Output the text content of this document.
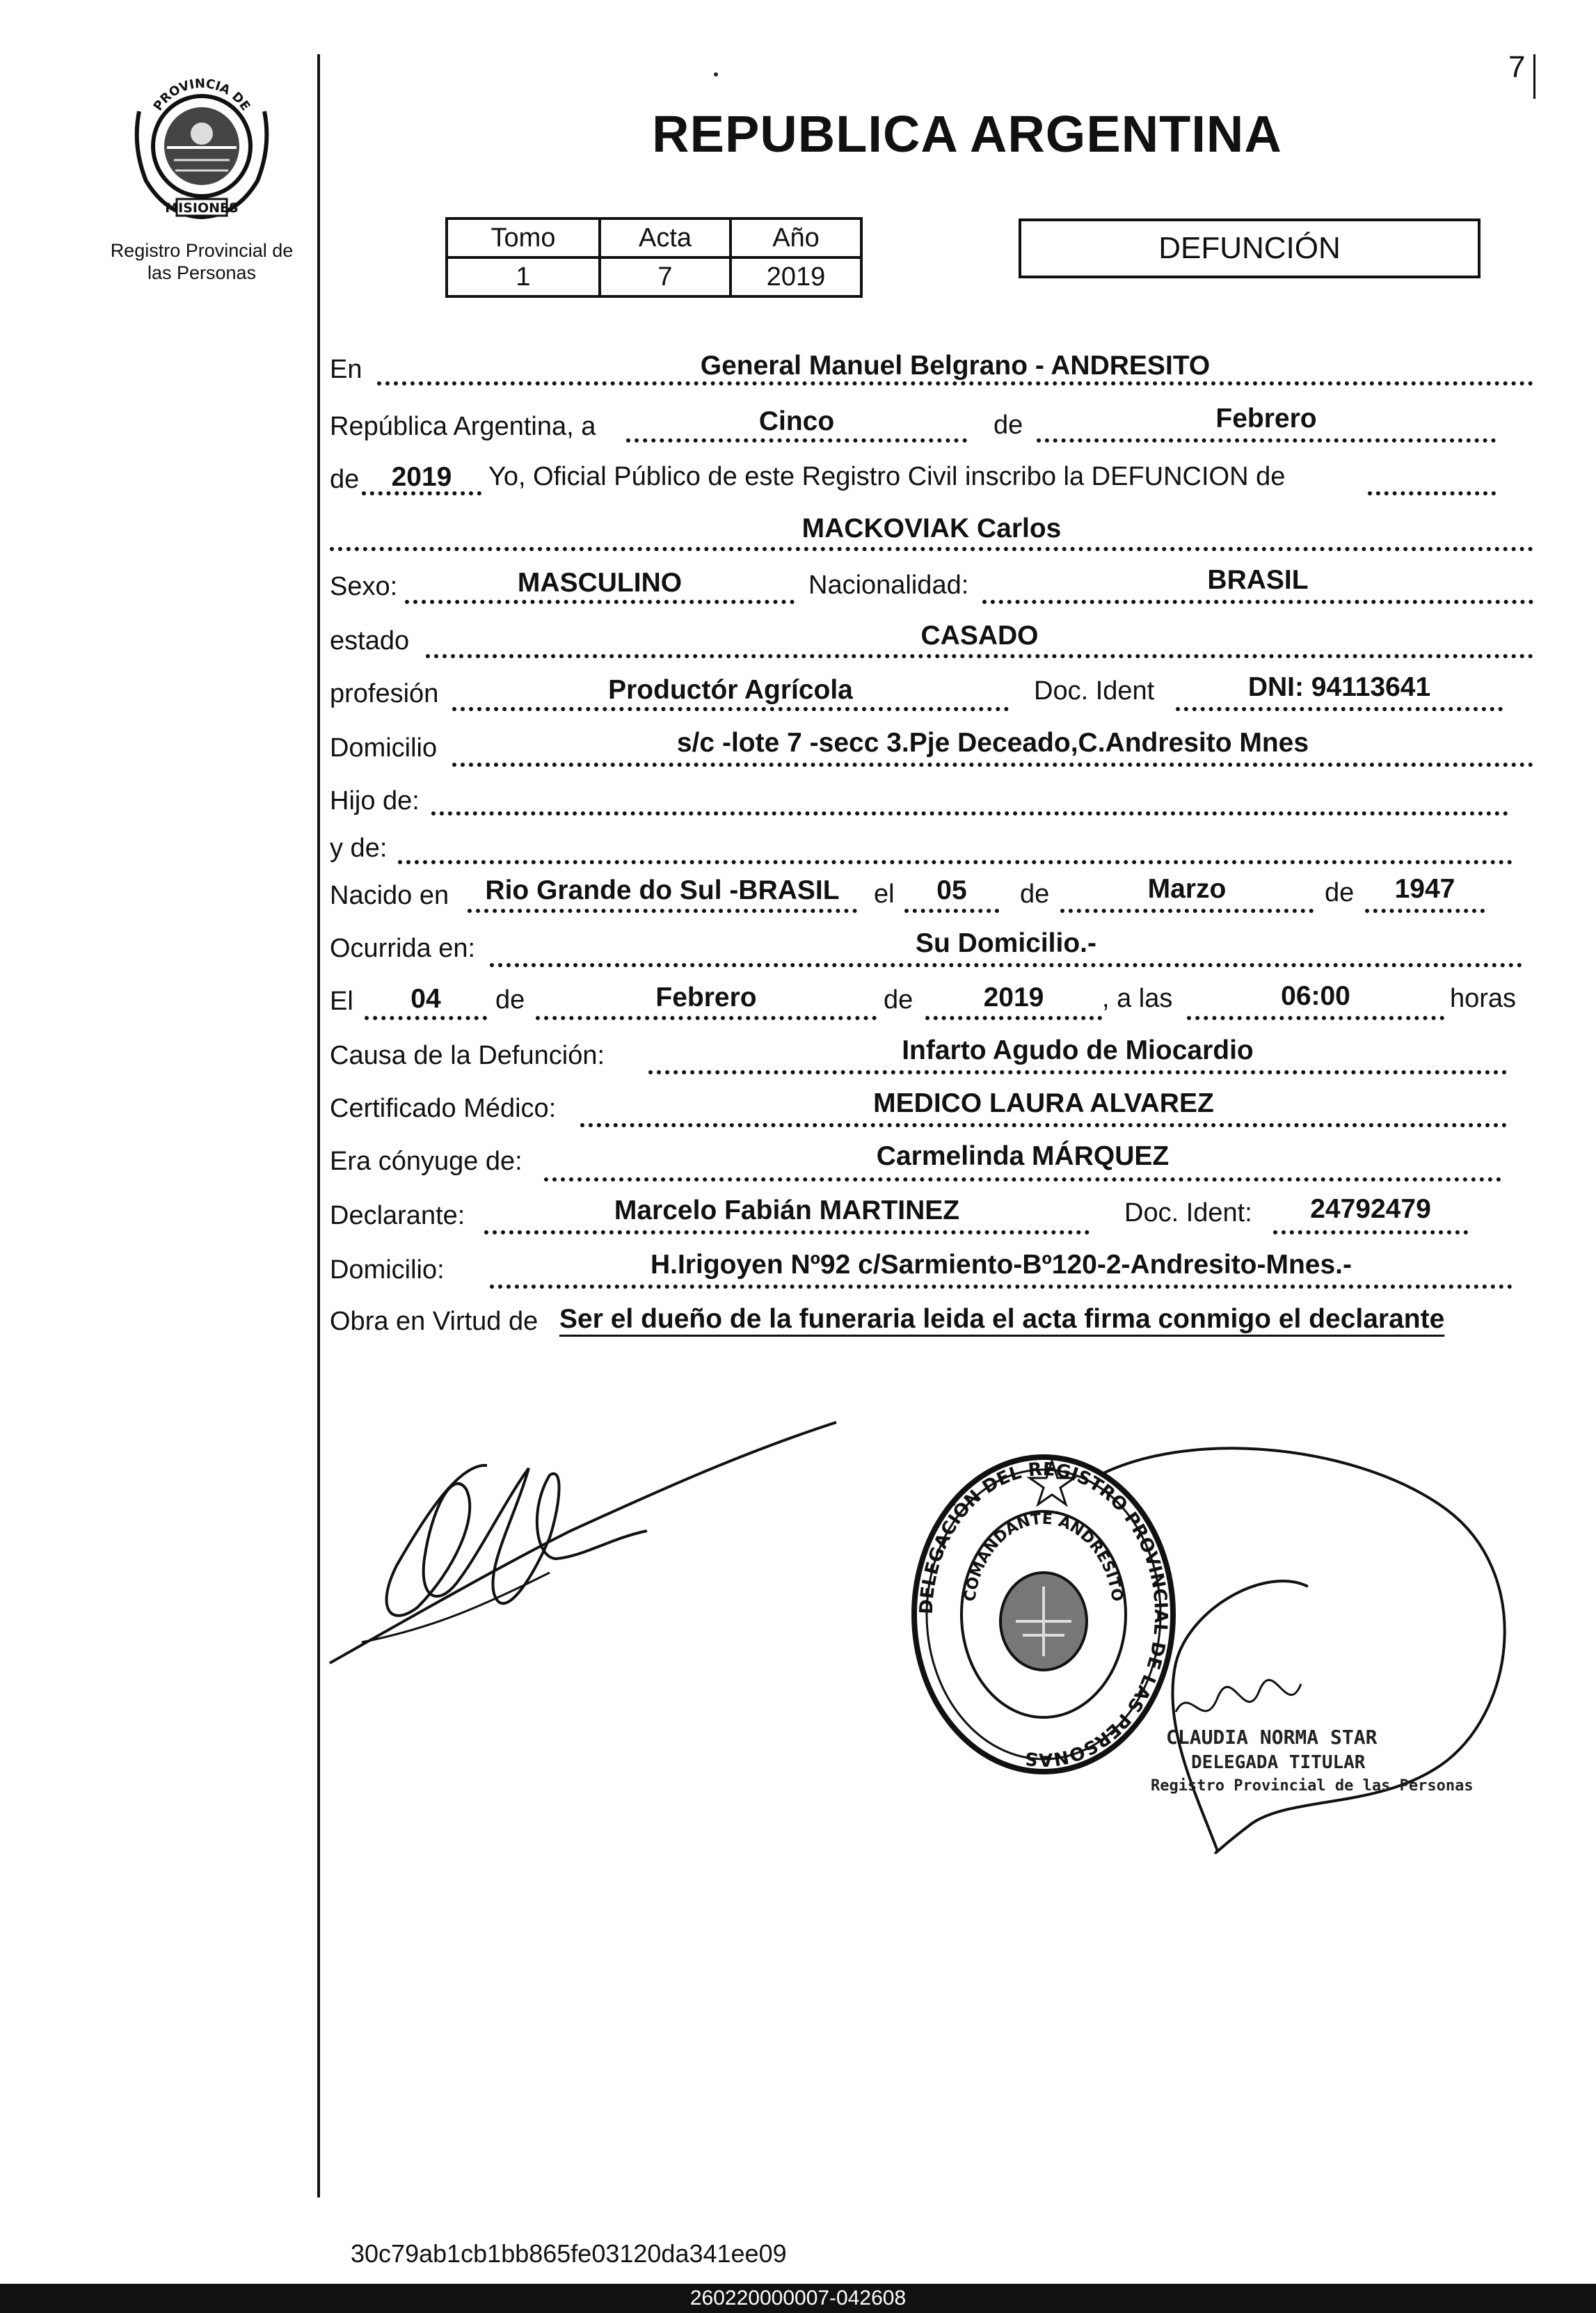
7
PROVINCIA DE
MISIONES
Registro Provincial de
las Personas
REPUBLICA ARGENTINA
Tomo	Acta	Año
1	7	2019
DEFUNCIÓN
En	General Manuel Belgrano - ANDRESITO
República Argentina, a	Cinco	de	Febrero
de	2019	Yo, Oficial Público de este Registro Civil inscribo la DEFUNCION de
MACKOVIAK Carlos
Sexo:	MASCULINO	Nacionalidad:	BRASIL
estado	CASADO
profesión	Productór Agrícola	Doc. Ident	DNI: 94113641
Domicilio	s/c -lote 7 -secc 3.Pje Deceado,C.Andresito Mnes
Hijo de:
y de:
Nacido en	Rio Grande do Sul -BRASIL	el	05	de	Marzo	de	1947
Ocurrida en:	Su Domicilio.-
El	04	de	Febrero	de	2019	, a las	06:00	horas
Causa de la Defunción:	Infarto Agudo de Miocardio
Certificado Médico:	MEDICO LAURA ALVAREZ
Era cónyuge de:	Carmelinda MÁRQUEZ
Declarante:	Marcelo Fabián MARTINEZ	Doc. Ident:	24792479
Domicilio:	H.Irigoyen Nº92 c/Sarmiento-Bº120-2-Andresito-Mnes.-
Obra en Virtud de Ser el dueño de la funeraria leida el acta firma conmigo el declarante
DELEGACIÓN DEL REGISTRO PROVINCIAL DE LAS PERSONAS
COMANDANTE ANDRESITO
CLAUDIA NORMA STAR
DELEGADA TITULAR
Registro Provincial de las Personas
30c79ab1cb1bb865fe03120da341ee09
260220000007-042608
